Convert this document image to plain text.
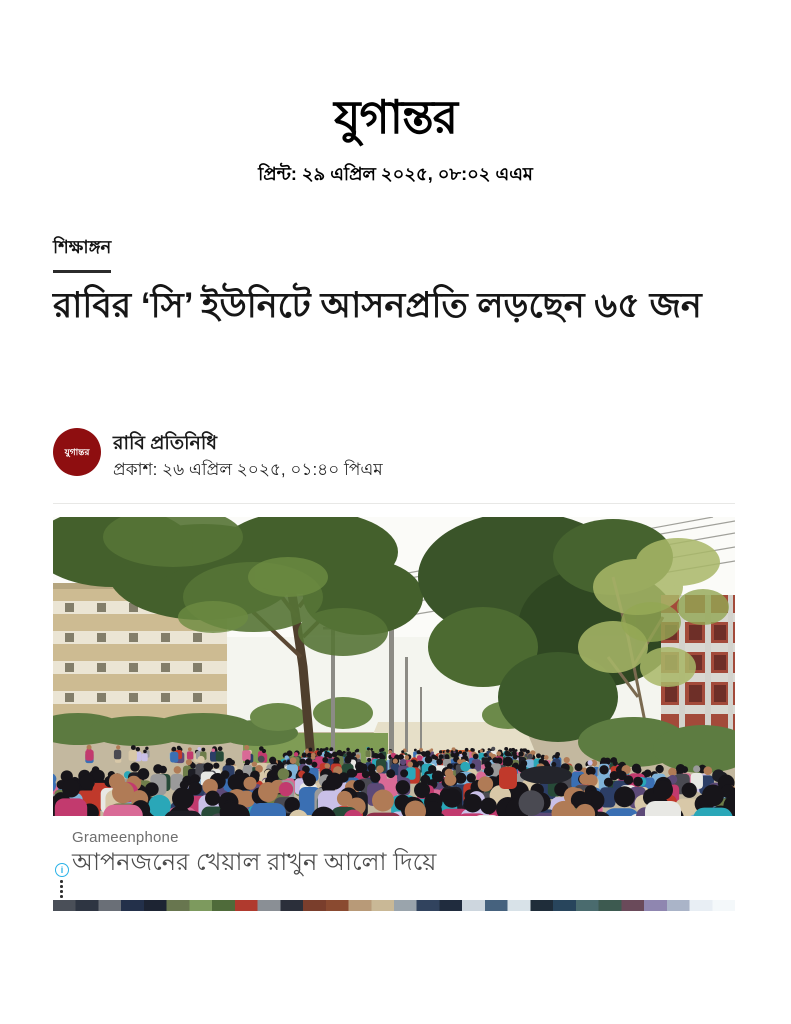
যুগান্তর
প্রিন্ট: ২৯ এপ্রিল ২০২৫, ০৮:০২ এএম
শিক্ষাঙ্গন
রাবির ‘সি’ ইউনিটে আসনপ্রতি লড়ছেন ৬৫ জন
যুগান্তর রাবি প্রতিনিধি
প্রকাশ: ২৬ এপ্রিল ২০২৫, ০১:৪০ পিএম
Grameenphone
আপনজনের খেয়াল রাখুন আলো দিয়ে
i
